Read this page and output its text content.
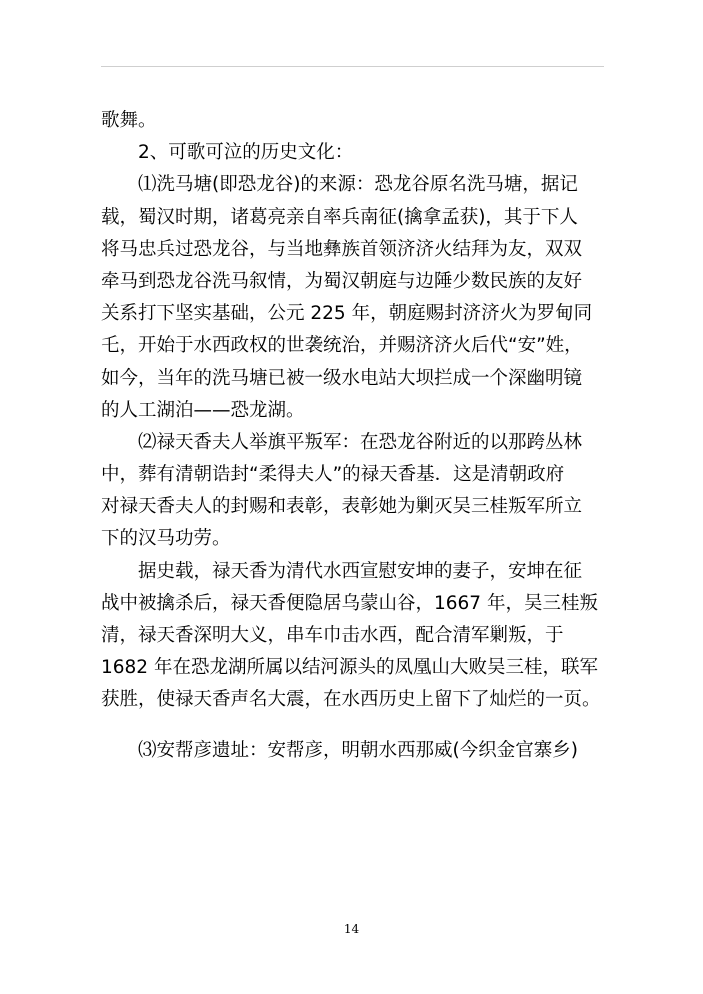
歌舞。
　　2、可歌可泣的历史文化：
　　⑴洗马塘(即恐龙谷)的来源：恐龙谷原名洗马塘，据记
载，蜀汉时期，诸葛亮亲自率兵南征(擒拿孟获)，其于下人
将马忠兵过恐龙谷，与当地彝族首领济济火结拜为友，双双
牵马到恐龙谷洗马叙情，为蜀汉朝庭与边陲少数民族的友好
关系打下坚实基础，公元 225 年，朝庭赐封济济火为罗甸同
乇，开始于水西政权的世袭统治，并赐济济火后代“安”姓，
如今，当年的洗马塘已被一级水电站大坝拦成一个深幽明镜
的人工湖泊——恐龙湖。
　　⑵禄天香夫人举旗平叛军：在恐龙谷附近的以那跨丛林
中，葬有清朝诰封“柔得夫人”的禄天香基．这是清朝政府
对禄天香夫人的封赐和表彰，表彰她为剿灭吴三桂叛军所立
下的汉马功劳。
　　据史载，禄天香为清代水西宣慰安坤的妻子，安坤在征
战中被擒杀后，禄天香便隐居乌蒙山谷，1667 年，吴三桂叛
清，禄天香深明大义，串车巾击水西，配合清军剿叛，于
1682 年在恐龙湖所属以结河源头的凤凰山大败吴三桂，联军
获胜，使禄天香声名大震，在水西历史上留下了灿烂的一页。
　　⑶安帮彦遗址：安帮彦，明朝水西那威(今织金官寨乡)
14
